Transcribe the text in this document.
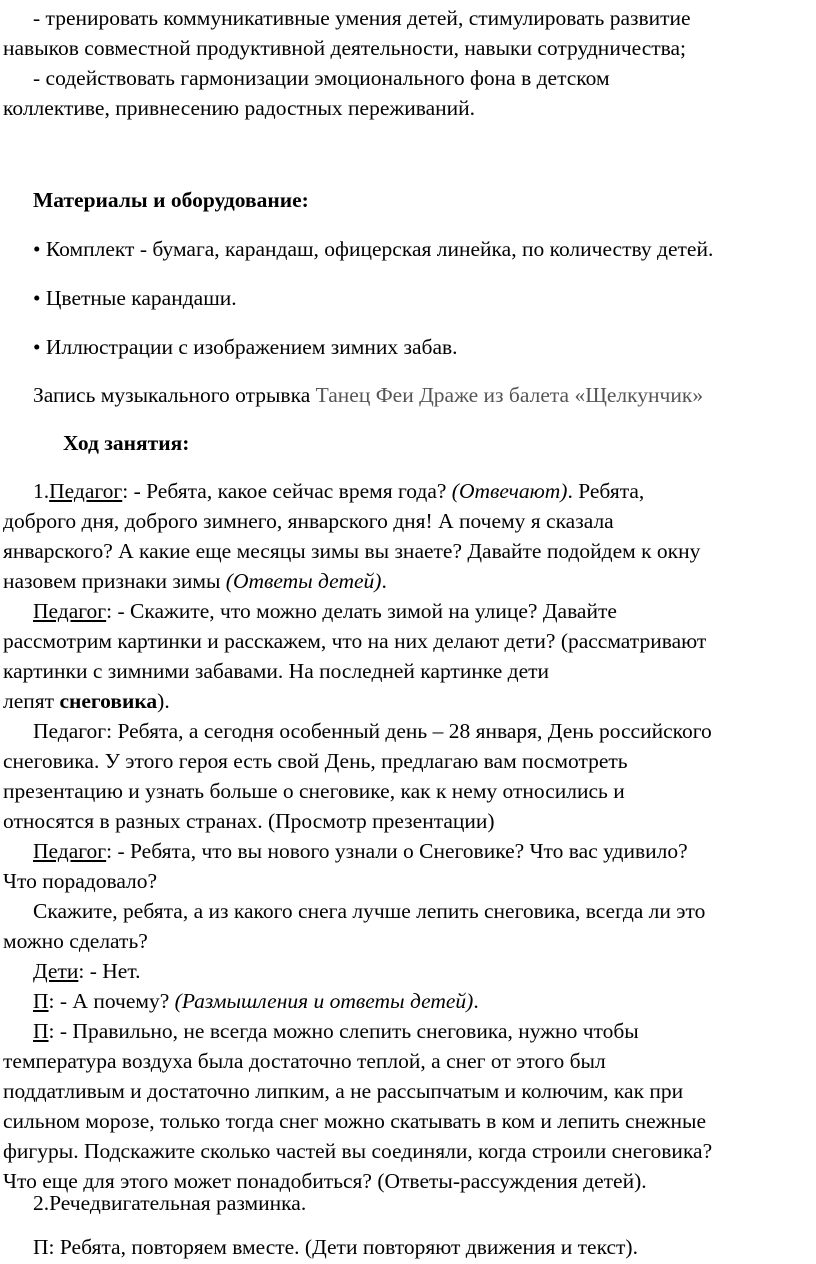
- тренировать коммуникативные умения детей, стимулировать развитие
навыков совместной продуктивной деятельности, навыки сотрудничества;
- содействовать гармонизации эмоционального фона в детском
коллективе, привнесению радостных переживаний.
Материалы и оборудование:
• Комплект - бумага, карандаш, офицерская линейка, по количеству детей.
• Цветные карандаши.
• Иллюстрации с изображением зимних забав.
Запись музыкального отрывка Танец Феи Драже из балета «Щелкунчик»
Ход занятия:
1.Педагог: - Ребята, какое сейчас время года? (Отвечают). Ребята,
доброго дня, доброго зимнего, январского дня! А почему я сказала
январского? А какие еще месяцы зимы вы знаете? Давайте подойдем к окну
назовем признаки зимы (Ответы детей).
Педагог: - Скажите, что можно делать зимой на улице? Давайте
рассмотрим картинки и расскажем, что на них делают дети? (рассматривают
картинки с зимними забавами. На последней картинке дети
лепят снеговика).
Педагог: Ребята, а сегодня особенный день – 28 января, День российского
снеговика. У этого героя есть свой День, предлагаю вам посмотреть
презентацию и узнать больше о снеговике, как к нему относились и
относятся в разных странах. (Просмотр презентации)
Педагог: - Ребята, что вы нового узнали о Снеговике? Что вас удивило?
Что порадовало?
Скажите, ребята, а из какого снега лучше лепить снеговика, всегда ли это
можно сделать?
Дети: - Нет.
П: - А почему? (Размышления и ответы детей).
П: - Правильно, не всегда можно слепить снеговика, нужно чтобы
температура воздуха была достаточно теплой, а снег от этого был
поддатливым и достаточно липким, а не рассыпчатым и колючим, как при
сильном морозе, только тогда снег можно скатывать в ком и лепить снежные
фигуры. Подскажите сколько частей вы соединяли, когда строили снеговика?
Что еще для этого может понадобиться? (Ответы-рассуждения детей).
2.Речедвигательная разминка.
П: Ребята, повторяем вместе. (Дети повторяют движения и текст).
